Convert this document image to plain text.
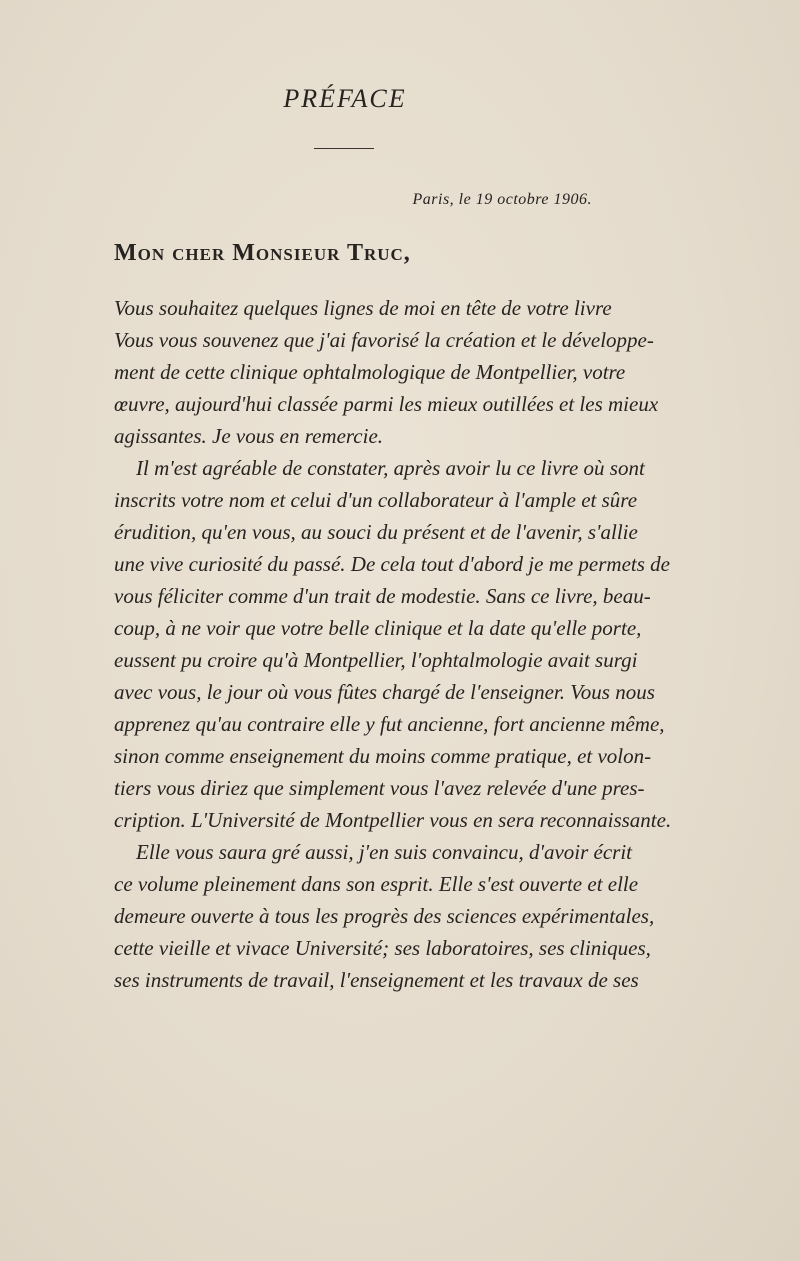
PRÉFACE
Paris, le 19 octobre 1906.
Mon cher Monsieur Truc,
Vous souhaitez quelques lignes de moi en tête de votre livre
Vous vous souvenez que j'ai favorisé la création et le développe-
ment de cette clinique ophtalmologique de Montpellier, votre
œuvre, aujourd'hui classée parmi les mieux outillées et les mieux
agissantes. Je vous en remercie.
Il m'est agréable de constater, après avoir lu ce livre où sont
inscrits votre nom et celui d'un collaborateur à l'ample et sûre
érudition, qu'en vous, au souci du présent et de l'avenir, s'allie
une vive curiosité du passé. De cela tout d'abord je me permets de
vous féliciter comme d'un trait de modestie. Sans ce livre, beau-
coup, à ne voir que votre belle clinique et la date qu'elle porte,
eussent pu croire qu'à Montpellier, l'ophtalmologie avait surgi
avec vous, le jour où vous fûtes chargé de l'enseigner. Vous nous
apprenez qu'au contraire elle y fut ancienne, fort ancienne même,
sinon comme enseignement du moins comme pratique, et volon-
tiers vous diriez que simplement vous l'avez relevée d'une pres-
cription. L'Université de Montpellier vous en sera reconnaissante.
Elle vous saura gré aussi, j'en suis convaincu, d'avoir écrit
ce volume pleinement dans son esprit. Elle s'est ouverte et elle
demeure ouverte à tous les progrès des sciences expérimentales,
cette vieille et vivace Université; ses laboratoires, ses cliniques,
ses instruments de travail, l'enseignement et les travaux de ses
